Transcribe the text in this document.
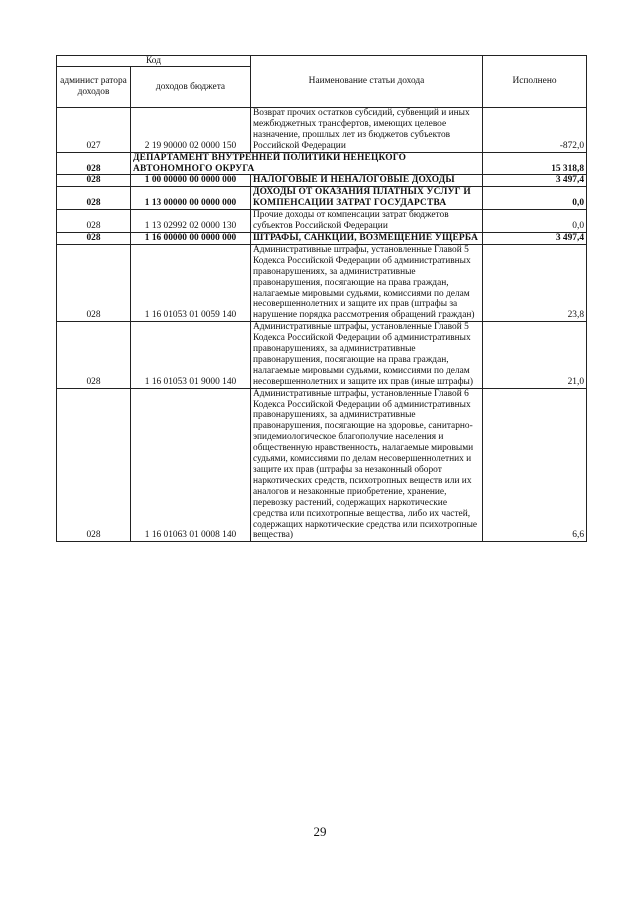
Код		Наименование статьи дохода	Исполнено
админист ратора доходов	доходов бюджета		
027	2 19 90000 02 0000 150	Возврат прочих остатков субсидий, субвенций и иных межбюджетных трансфертов, имеющих целевое назначение, прошлых лет из бюджетов субъектов Российской Федерации	-872,0
028	ДЕПАРТАМЕНТ ВНУТРЕННЕЙ ПОЛИТИКИ НЕНЕЦКОГО АВТОНОМНОГО ОКРУГА		15 318,8
028	1 00 00000 00 0000 000	НАЛОГОВЫЕ И НЕНАЛОГОВЫЕ ДОХОДЫ	3 497,4
028	1 13 00000 00 0000 000	ДОХОДЫ ОТ ОКАЗАНИЯ ПЛАТНЫХ УСЛУГ И КОМПЕНСАЦИИ ЗАТРАТ ГОСУДАРСТВА	0,0
028	1 13 02992 02 0000 130	Прочие доходы от компенсации затрат бюджетов субъектов Российской Федерации	0,0
028	1 16 00000 00 0000 000	ШТРАФЫ, САНКЦИИ, ВОЗМЕЩЕНИЕ УЩЕРБА	3 497,4
028	1 16 01053 01 0059 140	Административные штрафы, установленные Главой 5 Кодекса Российской Федерации об административных правонарушениях, за административные правонарушения, посягающие на права граждан, налагаемые мировыми судьями, комиссиями по делам несовершеннолетних и защите их прав (штрафы за нарушение порядка рассмотрения обращений граждан)	23,8
028	1 16 01053 01 9000 140	Административные штрафы, установленные Главой 5 Кодекса Российской Федерации об административных правонарушениях, за административные правонарушения, посягающие на права граждан, налагаемые мировыми судьями, комиссиями по делам несовершеннолетних и защите их прав (иные штрафы)	21,0
028	1 16 01063 01 0008 140	Административные штрафы, установленные Главой 6 Кодекса Российской Федерации об административных правонарушениях, за административные правонарушения, посягающие на здоровье, санитарно-эпидемиологическое благополучие населения и общественную нравственность, налагаемые мировыми судьями, комиссиями по делам несовершеннолетних и защите их прав (штрафы за незаконный оборот наркотических средств, психотропных веществ или их аналогов и незаконные приобретение, хранение, перевозку растений, содержащих наркотические средства или психотропные вещества, либо их частей, содержащих наркотические средства или психотропные вещества)	6,6
29
